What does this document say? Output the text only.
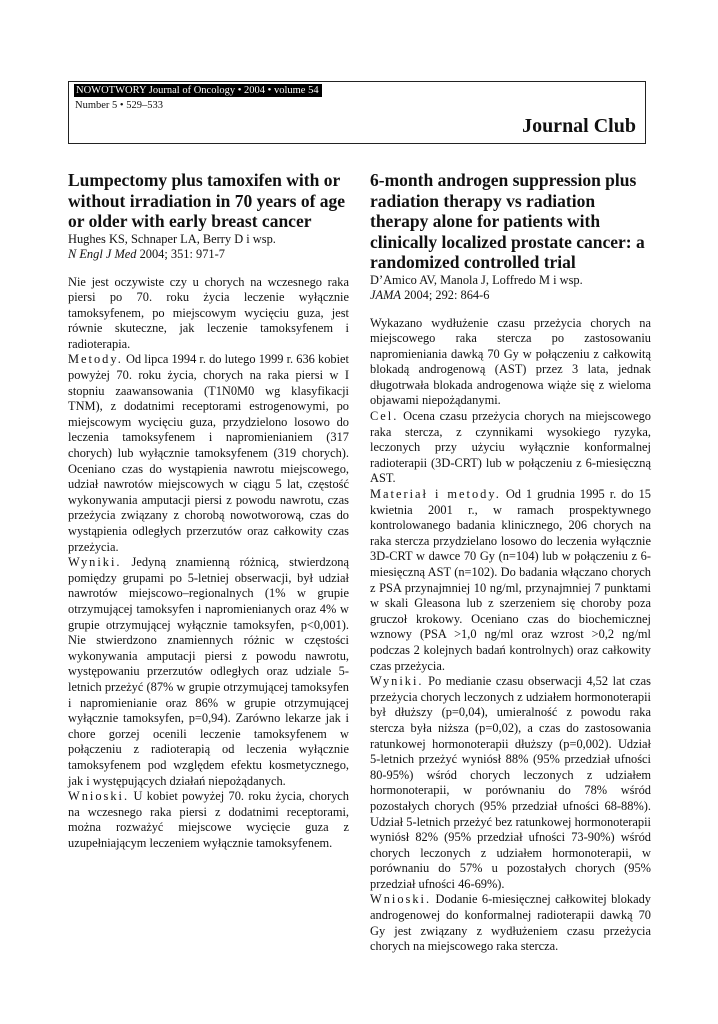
NOWOTWORY Journal of Oncology • 2004 • volume 54
Number 5 • 529–533
Journal Club
Lumpectomy plus tamoxifen with or without irradiation in 70 years of age or older with early breast cancer
Hughes KS, Schnaper LA, Berry D i wsp.
N Engl J Med 2004; 351: 971-7

Nie jest oczywiste czy u chorych na wczesnego raka piersi po 70. roku życia leczenie wyłącznie tamoksyfenem, po miejscowym wycięciu guza, jest równie skuteczne, jak leczenie tamoksyfenem i radioterapia.

Metody. Od lipca 1994 r. do lutego 1999 r. 636 kobiet powyżej 70. roku życia, chorych na raka piersi w I stopniu zaawansowania (T1N0M0 wg klasyfikacji TNM), z dodatnimi receptorami estrogenowymi, po miejscowym wycięciu guza, przydzielono losowo do leczenia tamoksyfenem i napromienianiem (317 chorych) lub wyłącznie tamoksyfenem (319 chorych). Oceniano czas do wystąpienia nawrotu miejscowego, udział nawrotów miejscowych w ciągu 5 lat, częstość wykonywania amputacji piersi z powodu nawrotu, czas przeżycia związany z chorobą nowotworową, czas do wystąpienia odległych przerzutów oraz całkowity czas przeżycia.

Wyniki. Jedyną znamienną różnicą, stwierdzoną pomiędzy grupami po 5-letniej obserwacji, był udział nawrotów miejscowo–regionalnych (1% w grupie otrzymującej tamoksyfen i napromienianych oraz 4% w grupie otrzymującej wyłącznie tamoksyfen, p<0,001). Nie stwierdzono znamiennych różnic w częstości wykonywania amputacji piersi z powodu nawrotu, występowaniu przerzutów odległych oraz udziale 5-letnich przeżyć (87% w grupie otrzymującej tamoksyfen i napromienianie oraz 86% w grupie otrzymującej wyłącznie tamoksyfen, p=0,94). Zarówno lekarze jak i chore gorzej ocenili leczenie tamoksyfenem w połączeniu z radioterapią od leczenia wyłącznie tamoksyfenem pod względem efektu kosmetycznego, jak i występujących działań niepożądanych.

Wnioski. U kobiet powyżej 70. roku życia, chorych na wczesnego raka piersi z dodatnimi receptorami, można rozważyć miejscowe wycięcie guza z uzupełniającym leczeniem wyłącznie tamoksyfenem.

6-month androgen suppression plus radiation therapy vs radiation therapy alone for patients with clinically localized prostate cancer: a randomized controlled trial
D’Amico AV, Manola J, Loffredo M i wsp.
JAMA 2004; 292: 864-6

Wykazano wydłużenie czasu przeżycia chorych na miejscowego raka stercza po zastosowaniu napromieniania dawką 70 Gy w połączeniu z całkowitą blokadą androgenową (AST) przez 3 lata, jednak długotrwała blokada androgenowa wiąże się z wieloma objawami niepożądanymi.

Cel. Ocena czasu przeżycia chorych na miejscowego raka stercza, z czynnikami wysokiego ryzyka, leczonych przy użyciu wyłącznie konformalnej radioterapii (3D-CRT) lub w połączeniu z 6-miesięczną AST.

Materiał i metody. Od 1 grudnia 1995 r. do 15 kwietnia 2001 r., w ramach prospektywnego kontrolowanego badania klinicznego, 206 chorych na raka stercza przydzielano losowo do leczenia wyłącznie 3D-CRT w dawce 70 Gy (n=104) lub w połączeniu z 6-miesięczną AST (n=102). Do badania włączano chorych z PSA przynajmniej 10 ng/ml, przynajmniej 7 punktami w skali Gleasona lub z szerzeniem się choroby poza gruczoł krokowy. Oceniano czas do biochemicznej wznowy (PSA >1,0 ng/ml oraz wzrost >0,2 ng/ml podczas 2 kolejnych badań kontrolnych) oraz całkowity czas przeżycia.

Wyniki. Po medianie czasu obserwacji 4,52 lat czas przeżycia chorych leczonych z udziałem hormonoterapii był dłuższy (p=0,04), umieralność z powodu raka stercza była niższa (p=0,02), a czas do zastosowania ratunkowej hormonoterapii dłuższy (p=0,002). Udział 5-letnich przeżyć wyniósł 88% (95% przedział ufności 80-95%) wśród chorych leczonych z udziałem hormonoterapii, w porównaniu do 78% wśród pozostałych chorych (95% przedział ufności 68-88%). Udział 5-letnich przeżyć bez ratunkowej hormonoterapii wyniósł 82% (95% przedział ufności 73-90%) wśród chorych leczonych z udziałem hormonoterapii, w porównaniu do 57% u pozostałych chorych (95% przedział ufności 46-69%).

Wnioski. Dodanie 6-miesięcznej całkowitej blokady androgenowej do konformalnej radioterapii dawką 70 Gy jest związany z wydłużeniem czasu przeżycia chorych na miejscowego raka stercza.
